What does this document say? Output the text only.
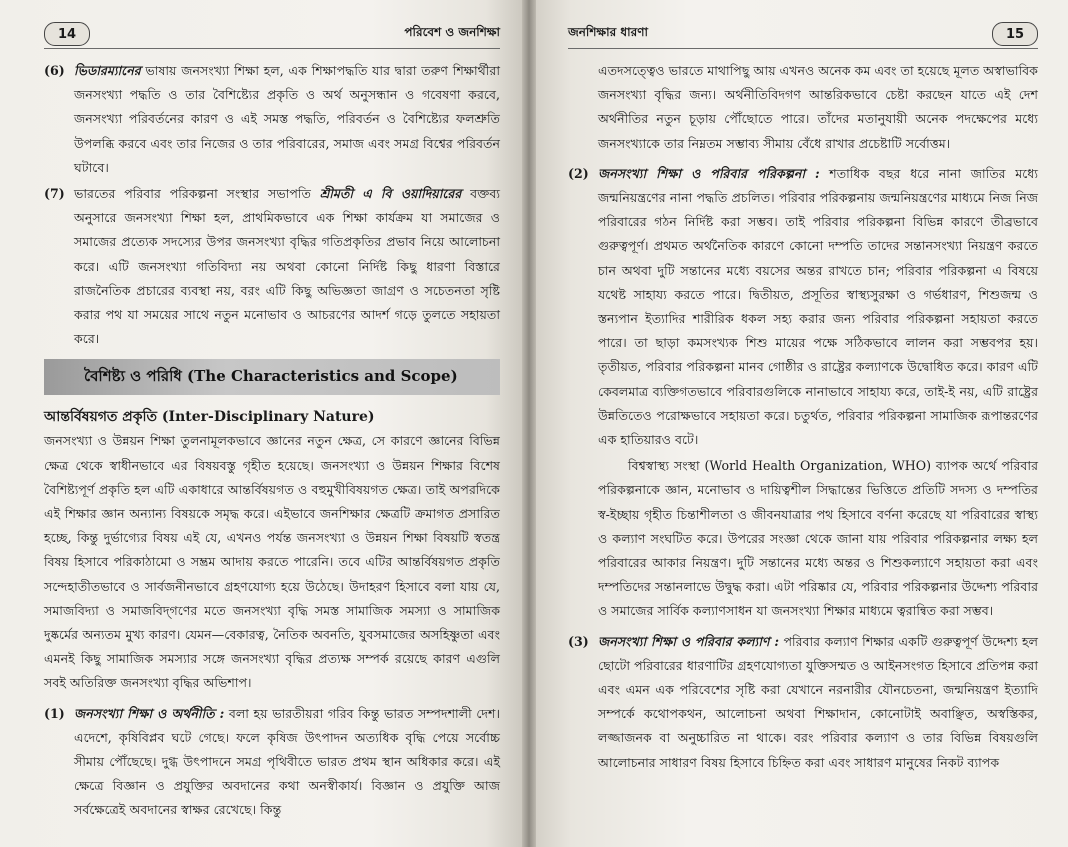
14	পরিবেশ ও জনশিক্ষা
(6) ভিডারম্যানের ভাষায় জনসংখ্যা শিক্ষা হল, এক শিক্ষাপদ্ধতি যার দ্বারা তরুণ শিক্ষার্থীরা জনসংখ্যা পদ্ধতি ও তার বৈশিষ্ট্যের প্রকৃতি ও অর্থ অনুসন্ধান ও গবেষণা করবে, জনসংখ্যা পরিবর্তনের কারণ ও এই সমস্ত পদ্ধতি, পরিবর্তন ও বৈশিষ্ট্যের ফলশ্রুতি উপলব্ধি করবে এবং তার নিজের ও তার পরিবারের, সমাজ এবং সমগ্র বিশ্বের পরিবর্তন ঘটাবে।

(7) ভারতের পরিবার পরিকল্পনা সংস্থার সভাপতি শ্রীমতী এ বি ওয়াদিয়ারের বক্তব্য অনুসারে জনসংখ্যা শিক্ষা হল, প্রাথমিকভাবে এক শিক্ষা কার্যক্রম যা সমাজের ও সমাজের প্রত্যেক সদস্যের উপর জনসংখ্যা বৃদ্ধির গতিপ্রকৃতির প্রভাব নিয়ে আলোচনা করে। এটি জনসংখ্যা গতিবিদ্যা নয় অথবা কোনো নির্দিষ্ট কিছু ধারণা বিস্তারে রাজনৈতিক প্রচারের ব্যবস্থা নয়, বরং এটি কিছু অভিজ্ঞতা জাগ্রণ ও সচেতনতা সৃষ্টি করার পথ যা সময়ের সাথে নতুন মনোভাব ও আচরণের আদর্শ গড়ে তুলতে সহায়তা করে।

বৈশিষ্ট্য ও পরিধি (The Characteristics and Scope)
আন্তর্বিষয়গত প্রকৃতি (Inter-Disciplinary Nature)

জনসংখ্যা ও উন্নয়ন শিক্ষা তুলনামূলকভাবে জ্ঞানের নতুন ক্ষেত্র, সে কারণে জ্ঞানের বিভিন্ন ক্ষেত্র থেকে স্বাধীনভাবে এর বিষয়বস্তু গৃহীত হয়েছে। জনসংখ্যা ও উন্নয়ন শিক্ষার বিশেষ বৈশিষ্ট্যপূর্ণ প্রকৃতি হল এটি একাধারে আন্তর্বিষয়গত ও বহুমুখীবিষয়গত ক্ষেত্র। তাই অপরদিকে এই শিক্ষার জ্ঞান অন্যান্য বিষয়কে সমৃদ্ধ করে। এইভাবে জনশিক্ষার ক্ষেত্রটি ক্রমাগত প্রসারিত হচ্ছে, কিন্তু দুর্ভাগ্যের বিষয় এই যে, এখনও পর্যন্ত জনসংখ্যা ও উন্নয়ন শিক্ষা বিষয়টি স্বতন্ত্র বিষয় হিসাবে পরিকাঠামো ও সম্ভ্রম আদায় করতে পারেনি। তবে এটির আন্তর্বিষয়গত প্রকৃতি সন্দেহাতীতভাবে ও সার্বজনীনভাবে গ্রহণযোগ্য হয়ে উঠেছে। উদাহরণ হিসাবে বলা যায় যে, সমাজবিদ্যা ও সমাজবিদ্‌গণের মতে জনসংখ্যা বৃদ্ধি সমস্ত সামাজিক সমস্যা ও সামাজিক দুষ্কর্মের অন্যতম মুখ্য কারণ। যেমন—বেকারত্ব, নৈতিক অবনতি, যুবসমাজের অসহিষ্ণুতা এবং এমনই কিছু সামাজিক সমস্যার সঙ্গে জনসংখ্যা বৃদ্ধির প্রত্যক্ষ সম্পর্ক রয়েছে কারণ এগুলি সবই অতিরিক্ত জনসংখ্যা বৃদ্ধির অভিশাপ।

(1) জনসংখ্যা শিক্ষা ও অর্থনীতি : বলা হয় ভারতীয়রা গরিব কিন্তু ভারত সম্পদশালী দেশ। এদেশে, কৃষিবিপ্লব ঘটে গেছে। ফলে কৃষিজ উৎপাদন অত্যধিক বৃদ্ধি পেয়ে সর্বোচ্চ সীমায় পৌঁছেছে। দুগ্ধ উৎপাদনে সমগ্র পৃথিবীতে ভারত প্রথম স্থান অধিকার করে। এই ক্ষেত্রে বিজ্ঞান ও প্রযুক্তির অবদানের কথা অনস্বীকার্য। বিজ্ঞান ও প্রযুক্তি আজ সর্বক্ষেত্রেই অবদানের স্বাক্ষর রেখেছে। কিন্তু

জনশিক্ষার ধারণা	15

এতদসত্ত্বেও ভারতে মাথাপিছু আয় এখনও অনেক কম এবং তা হয়েছে মূলত অস্বাভাবিক জনসংখ্যা বৃদ্ধির জন্য। অর্থনীতিবিদগণ আন্তরিকভাবে চেষ্টা করছেন যাতে এই দেশ অর্থনীতির নতুন চূড়ায় পৌঁছোতে পারে। তাঁদের মতানুযায়ী অনেক পদক্ষেপের মধ্যে জনসংখ্যাকে তার নিম্নতম সম্ভাব্য সীমায় বেঁধে রাখার প্রচেষ্টাটি সর্বোত্তম।

(2) জনসংখ্যা শিক্ষা ও পরিবার পরিকল্পনা : শতাধিক বছর ধরে নানা জাতির মধ্যে জন্মনিয়ন্ত্রণের নানা পদ্ধতি প্রচলিত। পরিবার পরিকল্পনায় জন্মনিয়ন্ত্রণের মাধ্যমে নিজ নিজ পরিবারের গঠন নির্দিষ্ট করা সম্ভব। তাই পরিবার পরিকল্পনা বিভিন্ন কারণে তীব্রভাবে গুরুত্বপূর্ণ। প্রথমত অর্থনৈতিক কারণে কোনো দম্পতি তাদের সন্তানসংখ্যা নিয়ন্ত্রণ করতে চান অথবা দুটি সন্তানের মধ্যে বয়সের অন্তর রাখতে চান; পরিবার পরিকল্পনা এ বিষয়ে যথেষ্ট সাহায্য করতে পারে। দ্বিতীয়ত, প্রসূতির স্বাস্থ্যসুরক্ষা ও গর্ভধারণ, শিশুজন্ম ও স্তন্যপান ইত্যাদির শারীরিক ধকল সহ্য করার জন্য পরিবার পরিকল্পনা সহায়তা করতে পারে। তা ছাড়া কমসংখ্যক শিশু মায়ের পক্ষে সঠিকভাবে লালন করা সম্ভবপর হয়। তৃতীয়ত, পরিবার পরিকল্পনা মানব গোষ্ঠীর ও রাষ্ট্রের কল্যাণকে উদ্বোধিত করে। কারণ এটি কেবলমাত্র ব্যক্তিগতভাবে পরিবারগুলিকে নানাভাবে সাহায্য করে, তাই-ই নয়, এটি রাষ্ট্রের উন্নতিতেও পরোক্ষভাবে সহায়তা করে। চতুর্থত, পরিবার পরিকল্পনা সামাজিক রূপান্তরণের এক হাতিয়ারও বটে।

বিশ্বস্বাস্থ্য সংস্থা (World Health Organization, WHO) ব্যাপক অর্থে পরিবার পরিকল্পনাকে জ্ঞান, মনোভাব ও দায়িত্বশীল সিদ্ধান্তের ভিত্তিতে প্রতিটি সদস্য ও দম্পতির স্ব-ইচ্ছায় গৃহীত চিন্তাশীলতা ও জীবনযাত্রার পথ হিসাবে বর্ণনা করেছে যা পরিবারের স্বাস্থ্য ও কল্যাণ সংঘটিত করে। উপরের সংজ্ঞা থেকে জানা যায় পরিবার পরিকল্পনার লক্ষ্য হল পরিবারের আকার নিয়ন্ত্রণ। দুটি সন্তানের মধ্যে অন্তর ও শিশুকল্যাণে সহায়তা করা এবং দম্পতিদের সন্তানলাভে উদ্বুদ্ধ করা। এটা পরিষ্কার যে, পরিবার পরিকল্পনার উদ্দেশ্য পরিবার ও সমাজের সার্বিক কল্যাণসাধন যা জনসংখ্যা শিক্ষার মাধ্যমে ত্বরান্বিত করা সম্ভব।

(3) জনসংখ্যা শিক্ষা ও পরিবার কল্যাণ : পরিবার কল্যাণ শিক্ষার একটি গুরুত্বপূর্ণ উদ্দেশ্য হল ছোটো পরিবারের ধারণাটির গ্রহণযোগ্যতা যুক্তিসম্মত ও আইনসংগত হিসাবে প্রতিপন্ন করা এবং এমন এক পরিবেশের সৃষ্টি করা যেখানে নরনারীর যৌনচেতনা, জন্মনিয়ন্ত্রণ ইত্যাদি সম্পর্কে কথোপকথন, আলোচনা অথবা শিক্ষাদান, কোনোটাই অবাঞ্ছিত, অস্বস্তিকর, লজ্জাজনক বা অনুচ্চারিত না থাকে। বরং পরিবার কল্যাণ ও তার বিভিন্ন বিষয়গুলি আলোচনার সাধারণ বিষয় হিসাবে চিহ্নিত করা এবং সাধারণ মানুষের নিকট ব্যাপক
